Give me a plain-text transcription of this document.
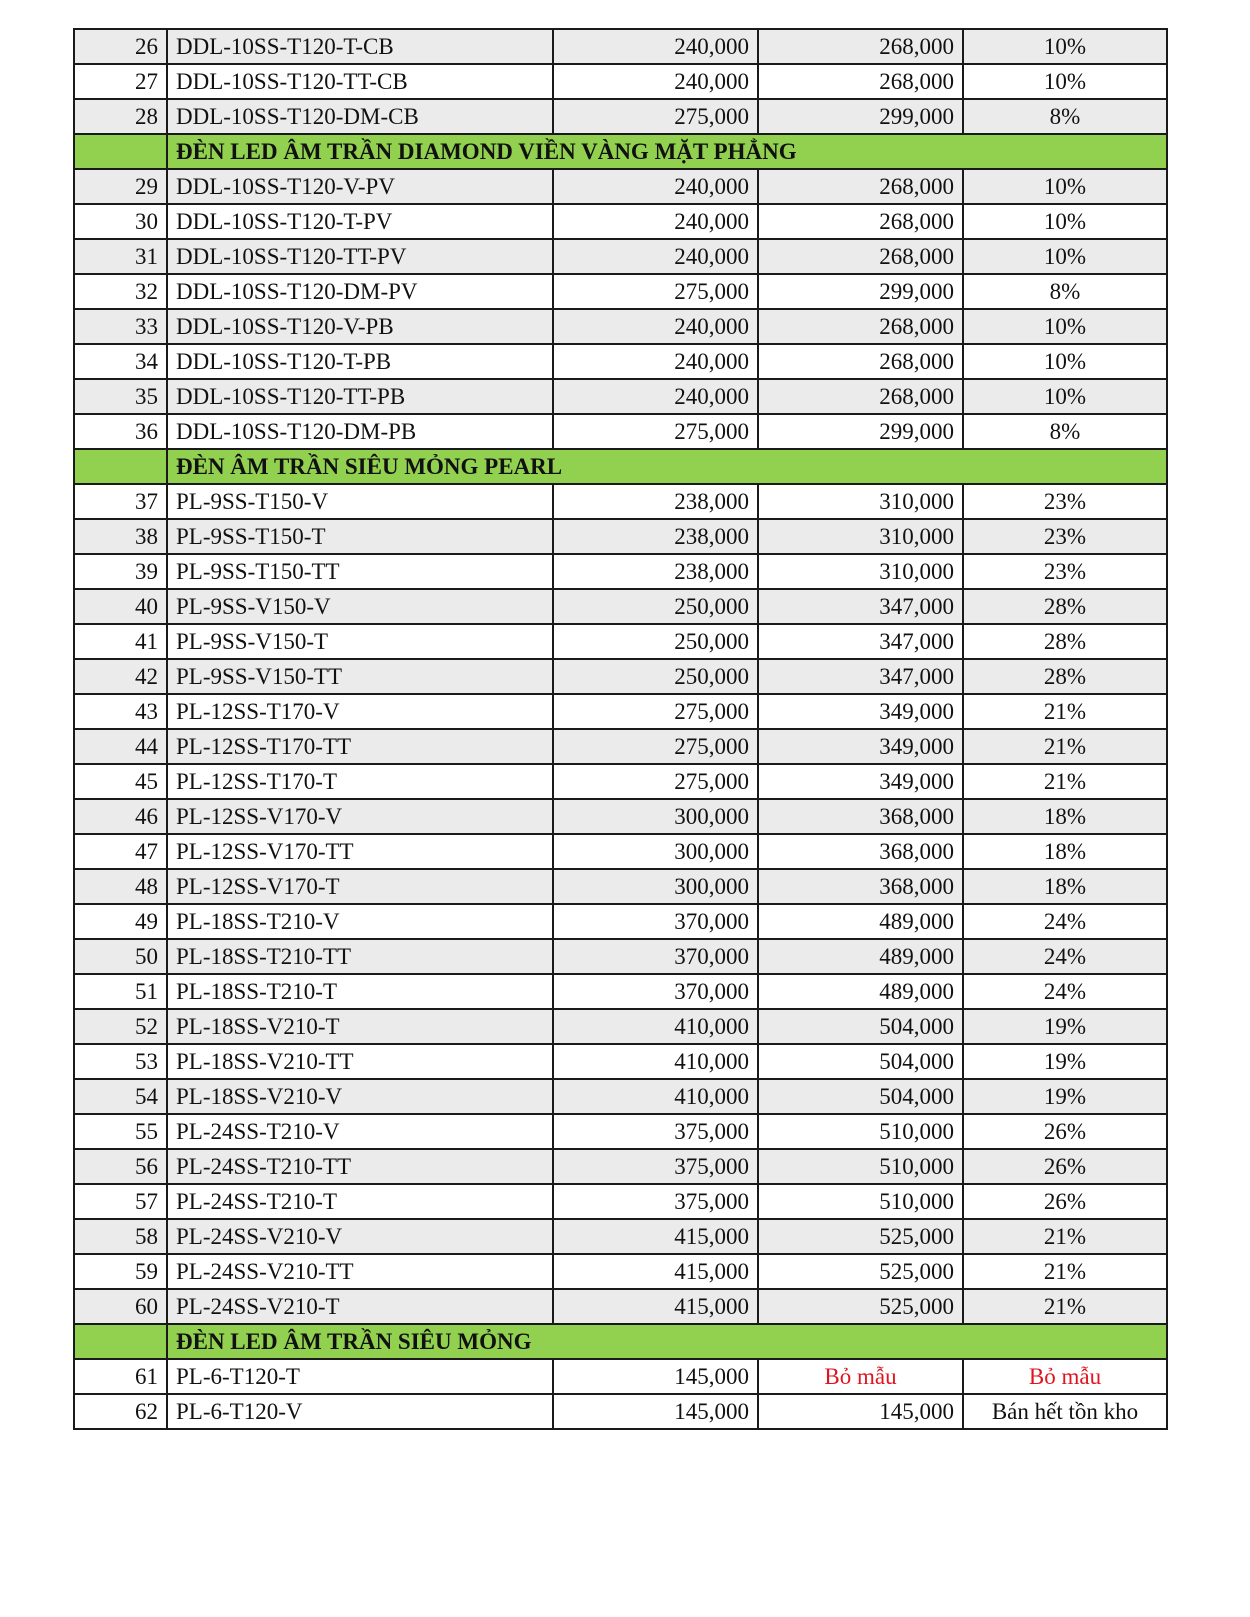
26	DDL-10SS-T120-T-CB	240,000	268,000	10%
27	DDL-10SS-T120-TT-CB	240,000	268,000	10%
28	DDL-10SS-T120-DM-CB	275,000	299,000	8%
	ĐÈN LED ÂM TRẦN DIAMOND VIỀN VÀNG MẶT PHẲNG			
29	DDL-10SS-T120-V-PV	240,000	268,000	10%
30	DDL-10SS-T120-T-PV	240,000	268,000	10%
31	DDL-10SS-T120-TT-PV	240,000	268,000	10%
32	DDL-10SS-T120-DM-PV	275,000	299,000	8%
33	DDL-10SS-T120-V-PB	240,000	268,000	10%
34	DDL-10SS-T120-T-PB	240,000	268,000	10%
35	DDL-10SS-T120-TT-PB	240,000	268,000	10%
36	DDL-10SS-T120-DM-PB	275,000	299,000	8%
	ĐÈN ÂM TRẦN SIÊU MỎNG PEARL			
37	PL-9SS-T150-V	238,000	310,000	23%
38	PL-9SS-T150-T	238,000	310,000	23%
39	PL-9SS-T150-TT	238,000	310,000	23%
40	PL-9SS-V150-V	250,000	347,000	28%
41	PL-9SS-V150-T	250,000	347,000	28%
42	PL-9SS-V150-TT	250,000	347,000	28%
43	PL-12SS-T170-V	275,000	349,000	21%
44	PL-12SS-T170-TT	275,000	349,000	21%
45	PL-12SS-T170-T	275,000	349,000	21%
46	PL-12SS-V170-V	300,000	368,000	18%
47	PL-12SS-V170-TT	300,000	368,000	18%
48	PL-12SS-V170-T	300,000	368,000	18%
49	PL-18SS-T210-V	370,000	489,000	24%
50	PL-18SS-T210-TT	370,000	489,000	24%
51	PL-18SS-T210-T	370,000	489,000	24%
52	PL-18SS-V210-T	410,000	504,000	19%
53	PL-18SS-V210-TT	410,000	504,000	19%
54	PL-18SS-V210-V	410,000	504,000	19%
55	PL-24SS-T210-V	375,000	510,000	26%
56	PL-24SS-T210-TT	375,000	510,000	26%
57	PL-24SS-T210-T	375,000	510,000	26%
58	PL-24SS-V210-V	415,000	525,000	21%
59	PL-24SS-V210-TT	415,000	525,000	21%
60	PL-24SS-V210-T	415,000	525,000	21%
	ĐÈN LED ÂM TRẦN SIÊU MỎNG			
61	PL-6-T120-T	145,000	Bỏ mẫu	Bỏ mẫu
62	PL-6-T120-V	145,000	145,000	Bán hết tồn kho
